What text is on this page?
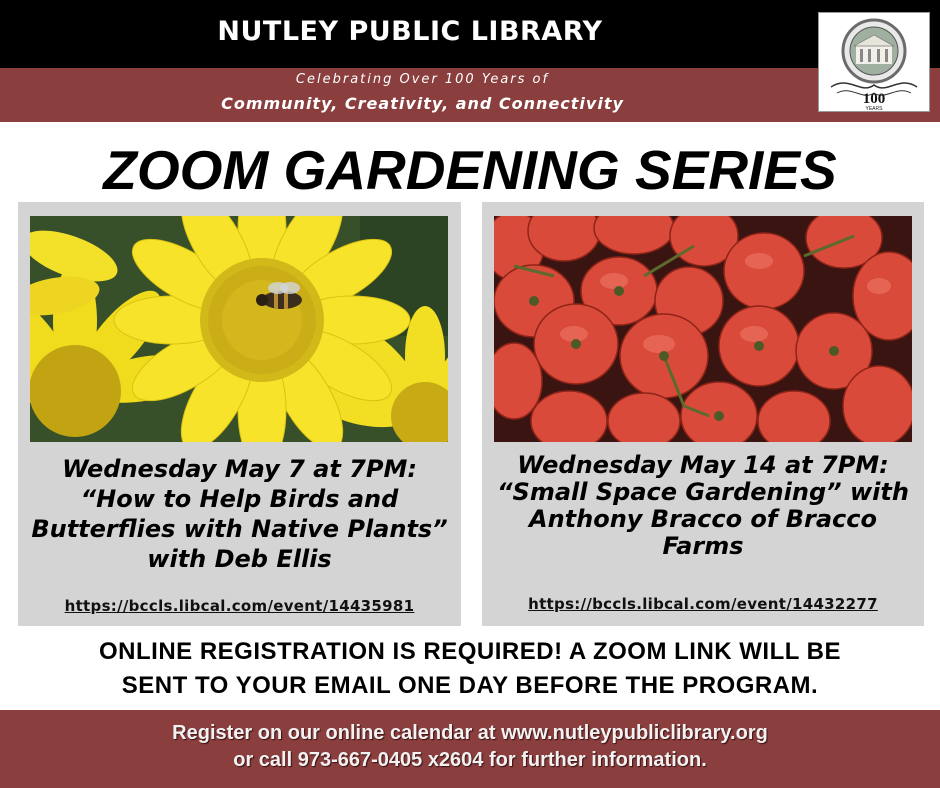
NUTLEY PUBLIC LIBRARY
Celebrating Over 100 Years of
Community, Creativity, and Connectivity	100
YEARS
ZOOM GARDENING SERIES
Wednesday May 7 at 7PM: “How to Help Birds and Butterflies with Native Plants” with Deb Ellis
https://bccls.libcal.com/event/14435981
Wednesday May 14 at 7PM: “Small Space Gardening” with Anthony Bracco of Bracco Farms
https://bccls.libcal.com/event/14432277
ONLINE REGISTRATION IS REQUIRED! A ZOOM LINK WILL BE
SENT TO YOUR EMAIL ONE DAY BEFORE THE PROGRAM.
Register on our online calendar at www.nutleypubliclibrary.org
or call 973-667-0405 x2604 for further information.
